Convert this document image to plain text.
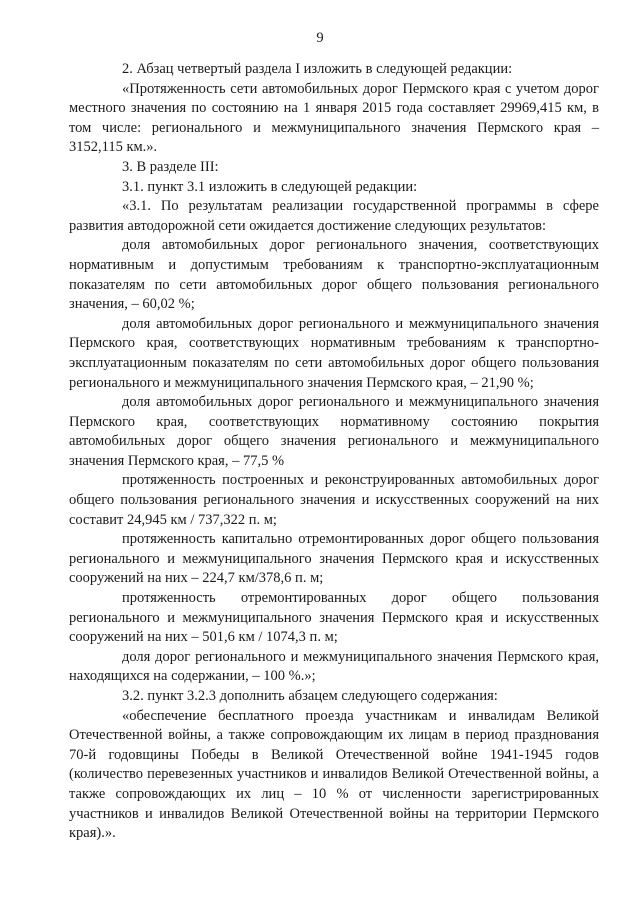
9

2. Абзац четвертый раздела I изложить в следующей редакции:

«Протяженность сети автомобильных дорог Пермского края с учетом дорог местного значения по состоянию на 1 января 2015 года составляет 29969,415 км, в том числе: регионального и межмуниципального значения Пермского края – 3152,115 км.».

3. В разделе III:

3.1. пункт 3.1 изложить в следующей редакции:

«3.1. По результатам реализации государственной программы в сфере развития автодорожной сети ожидается достижение следующих результатов:

доля автомобильных дорог регионального значения, соответствующих нормативным и допустимым требованиям к транспортно-эксплуатационным показателям по сети автомобильных дорог общего пользования регионального значения, – 60,02 %;

доля автомобильных дорог регионального и межмуниципального значения Пермского края, соответствующих нормативным требованиям к транспортно-эксплуатационным показателям по сети автомобильных дорог общего пользования регионального и межмуниципального значения Пермского края, – 21,90 %;

доля автомобильных дорог регионального и межмуниципального значения Пермского края, соответствующих нормативному состоянию покрытия автомобильных дорог общего значения регионального и межмуниципального значения Пермского края, – 77,5 %

протяженность построенных и реконструированных автомобильных дорог общего пользования регионального значения и искусственных сооружений на них составит 24,945 км / 737,322 п. м;

протяженность капитально отремонтированных дорог общего пользования регионального и межмуниципального значения Пермского края и искусственных сооружений на них – 224,7 км/378,6 п. м;

протяженность отремонтированных дорог общего пользования регионального и межмуниципального значения Пермского края и искусственных сооружений на них – 501,6 км / 1074,3 п. м;

доля дорог регионального и межмуниципального значения Пермского края, находящихся на содержании, – 100 %.»;

3.2. пункт 3.2.3 дополнить абзацем следующего содержания:

«обеспечение бесплатного проезда участникам и инвалидам Великой Отечественной войны, а также сопровождающим их лицам в период празднования 70-й годовщины Победы в Великой Отечественной войне 1941-1945 годов (количество перевезенных участников и инвалидов Великой Отечественной войны, а также сопровождающих их лиц – 10 % от численности зарегистрированных участников и инвалидов Великой Отечественной войны на территории Пермского края).».
